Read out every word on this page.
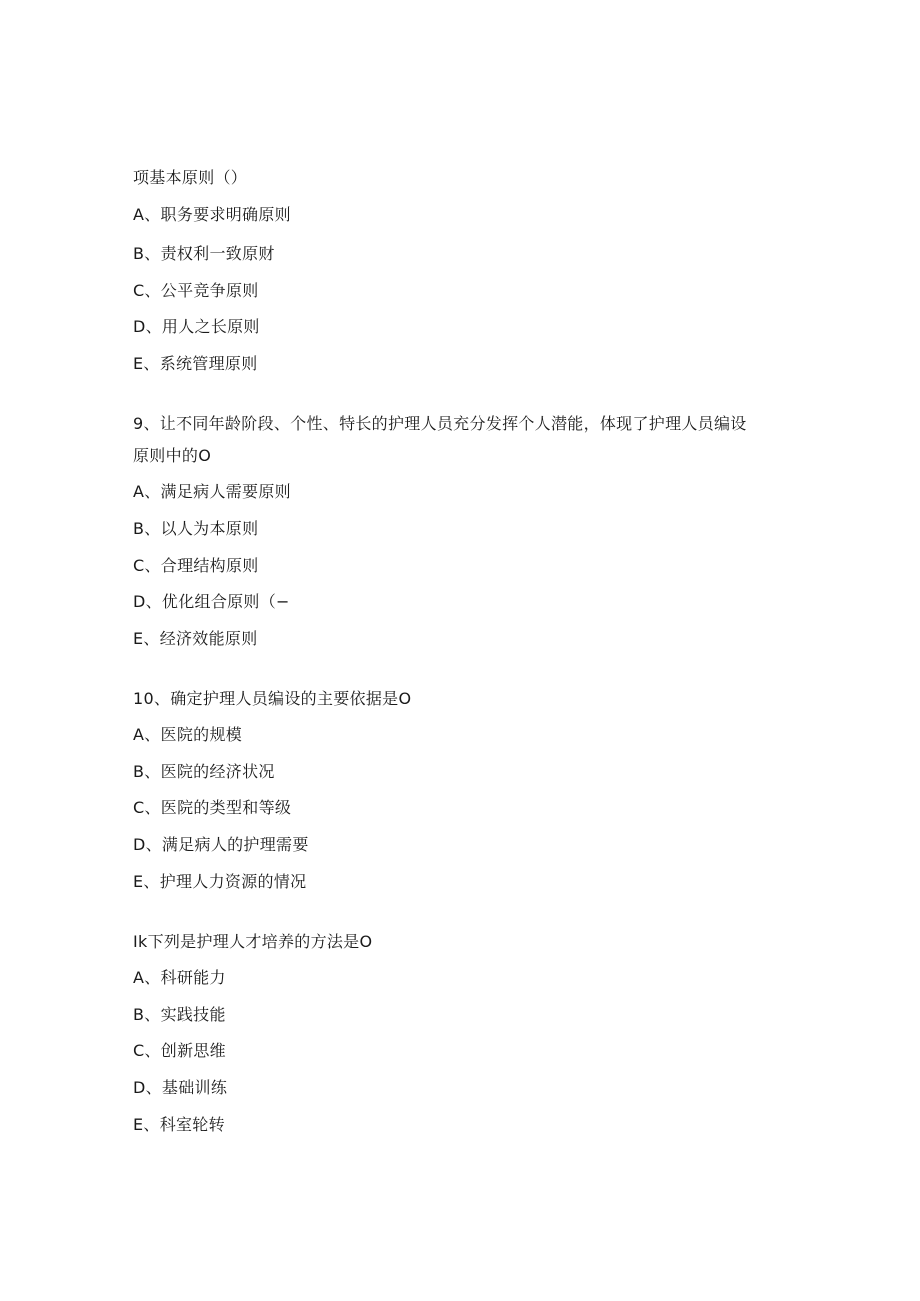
项基本原则（）
A、职务要求明确原则
B、责权利一致原财
C、公平竞争原则
D、用人之长原则
E、系统管理原则
9、让不同年龄阶段、个性、特长的护理人员充分发挥个人潜能，体现了护理人员编设
原则中的O
A、满足病人需要原则
B、以人为本原则
C、合理结构原则
D、优化组合原则（−
E、经济效能原则
10、确定护理人员编设的主要依据是O
A、医院的规模
B、医院的经济状况
C、医院的类型和等级
D、满足病人的护理需要
E、护理人力资源的情况
Ik下列是护理人才培养的方法是O
A、科研能力
B、实践技能
C、创新思维
D、基础训练
E、科室轮转
